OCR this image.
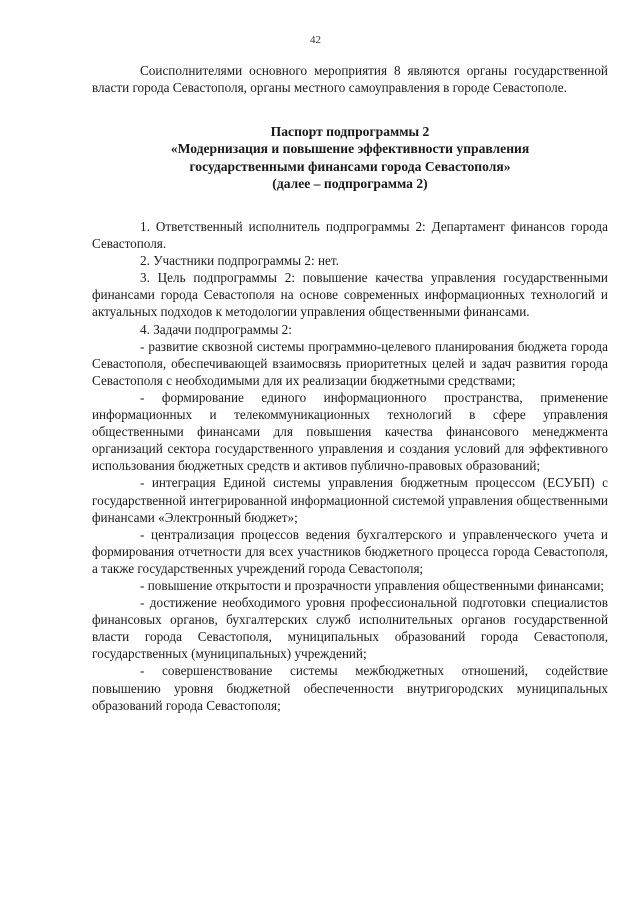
42

Соисполнителями основного мероприятия 8 являются органы государственной власти города Севастополя, органы местного самоуправления в городе Севастополе.

Паспорт подпрограммы 2
«Модернизация и повышение эффективности управления
государственными финансами города Севастополя»
(далее – подпрограмма 2)

1. Ответственный исполнитель подпрограммы 2: Департамент финансов города Севастополя.

2. Участники подпрограммы 2: нет.

3. Цель подпрограммы 2: повышение качества управления государственными финансами города Севастополя на основе современных информационных технологий и актуальных подходов к методологии управления общественными финансами.

4. Задачи подпрограммы 2:

- развитие сквозной системы программно-целевого планирования бюджета города Севастополя, обеспечивающей взаимосвязь приоритетных целей и задач развития города Севастополя с необходимыми для их реализации бюджетными средствами;

- формирование единого информационного пространства, применение информационных и телекоммуникационных технологий в сфере управления общественными финансами для повышения качества финансового менеджмента организаций сектора государственного управления и создания условий для эффективного использования бюджетных средств и активов публично-правовых образований;

- интеграция Единой системы управления бюджетным процессом (ЕСУБП) с государственной интегрированной информационной системой управления общественными финансами «Электронный бюджет»;

- централизация процессов ведения бухгалтерского и управленческого учета и формирования отчетности для всех участников бюджетного процесса города Севастополя, а также государственных учреждений города Севастополя;

- повышение открытости и прозрачности управления общественными финансами;

- достижение необходимого уровня профессиональной подготовки специалистов финансовых органов, бухгалтерских служб исполнительных органов государственной власти города Севастополя, муниципальных образований города Севастополя, государственных (муниципальных) учреждений;

- совершенствование системы межбюджетных отношений, содействие повышению уровня бюджетной обеспеченности внутригородских муниципальных образований города Севастополя;
